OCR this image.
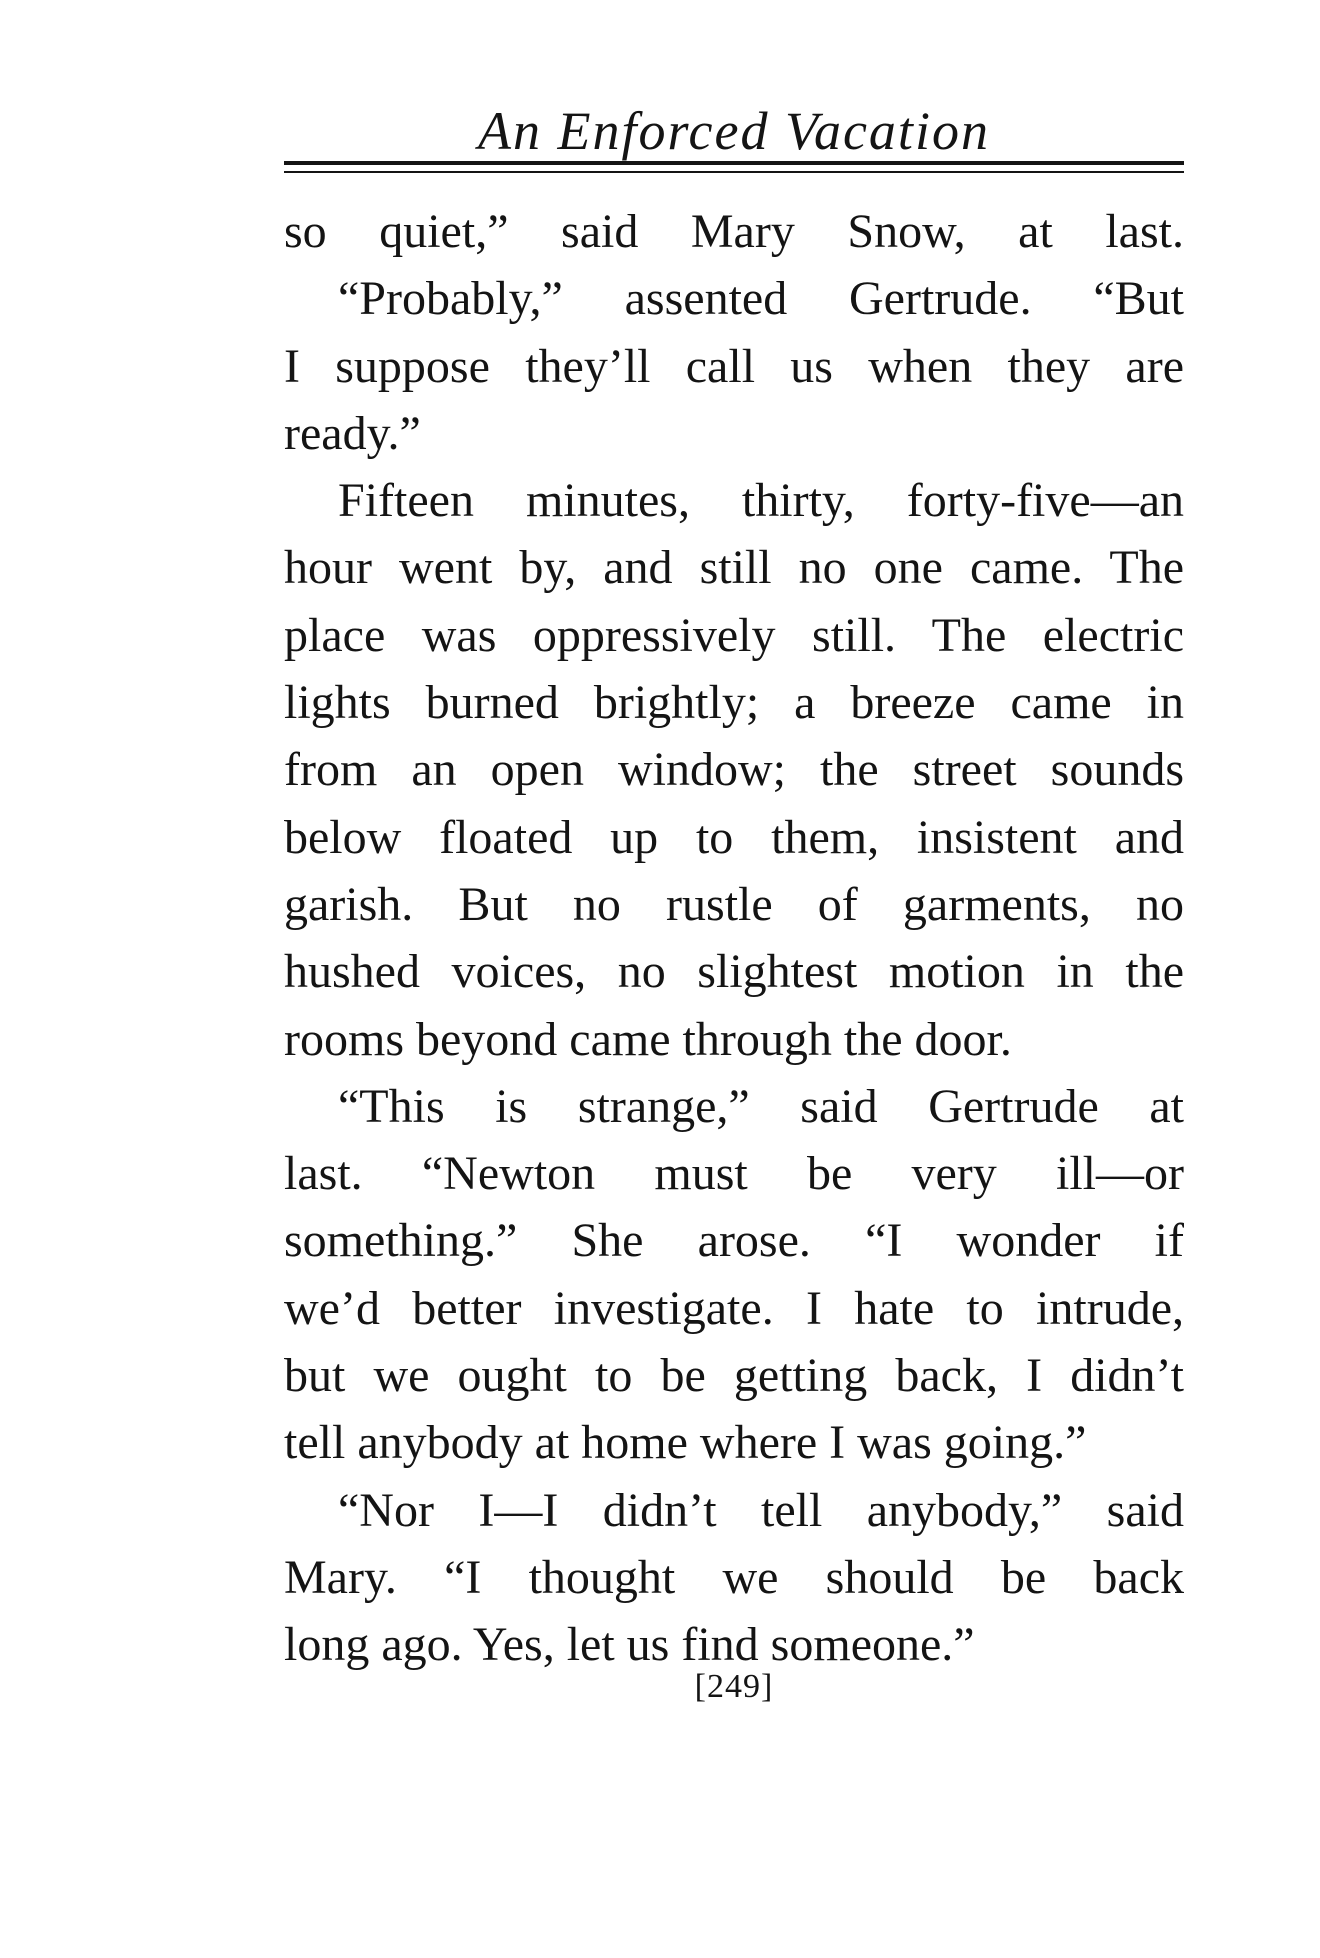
An Enforced Vacation
so quiet,” said Mary Snow, at last.
“Probably,” assented Gertrude. “But
I suppose they’ll call us when they are
ready.”
Fifteen minutes, thirty, forty-five—an
hour went by, and still no one came. The
place was oppressively still. The electric
lights burned brightly; a breeze came in
from an open window; the street sounds
below floated up to them, insistent and
garish. But no rustle of garments, no
hushed voices, no slightest motion in the
rooms beyond came through the door.
“This is strange,” said Gertrude at
last. “Newton must be very ill—or
something.” She arose. “I wonder if
we’d better investigate. I hate to intrude,
but we ought to be getting back, I didn’t
tell anybody at home where I was going.”
“Nor I—I didn’t tell anybody,” said
Mary. “I thought we should be back
long ago. Yes, let us find someone.”
[249]
